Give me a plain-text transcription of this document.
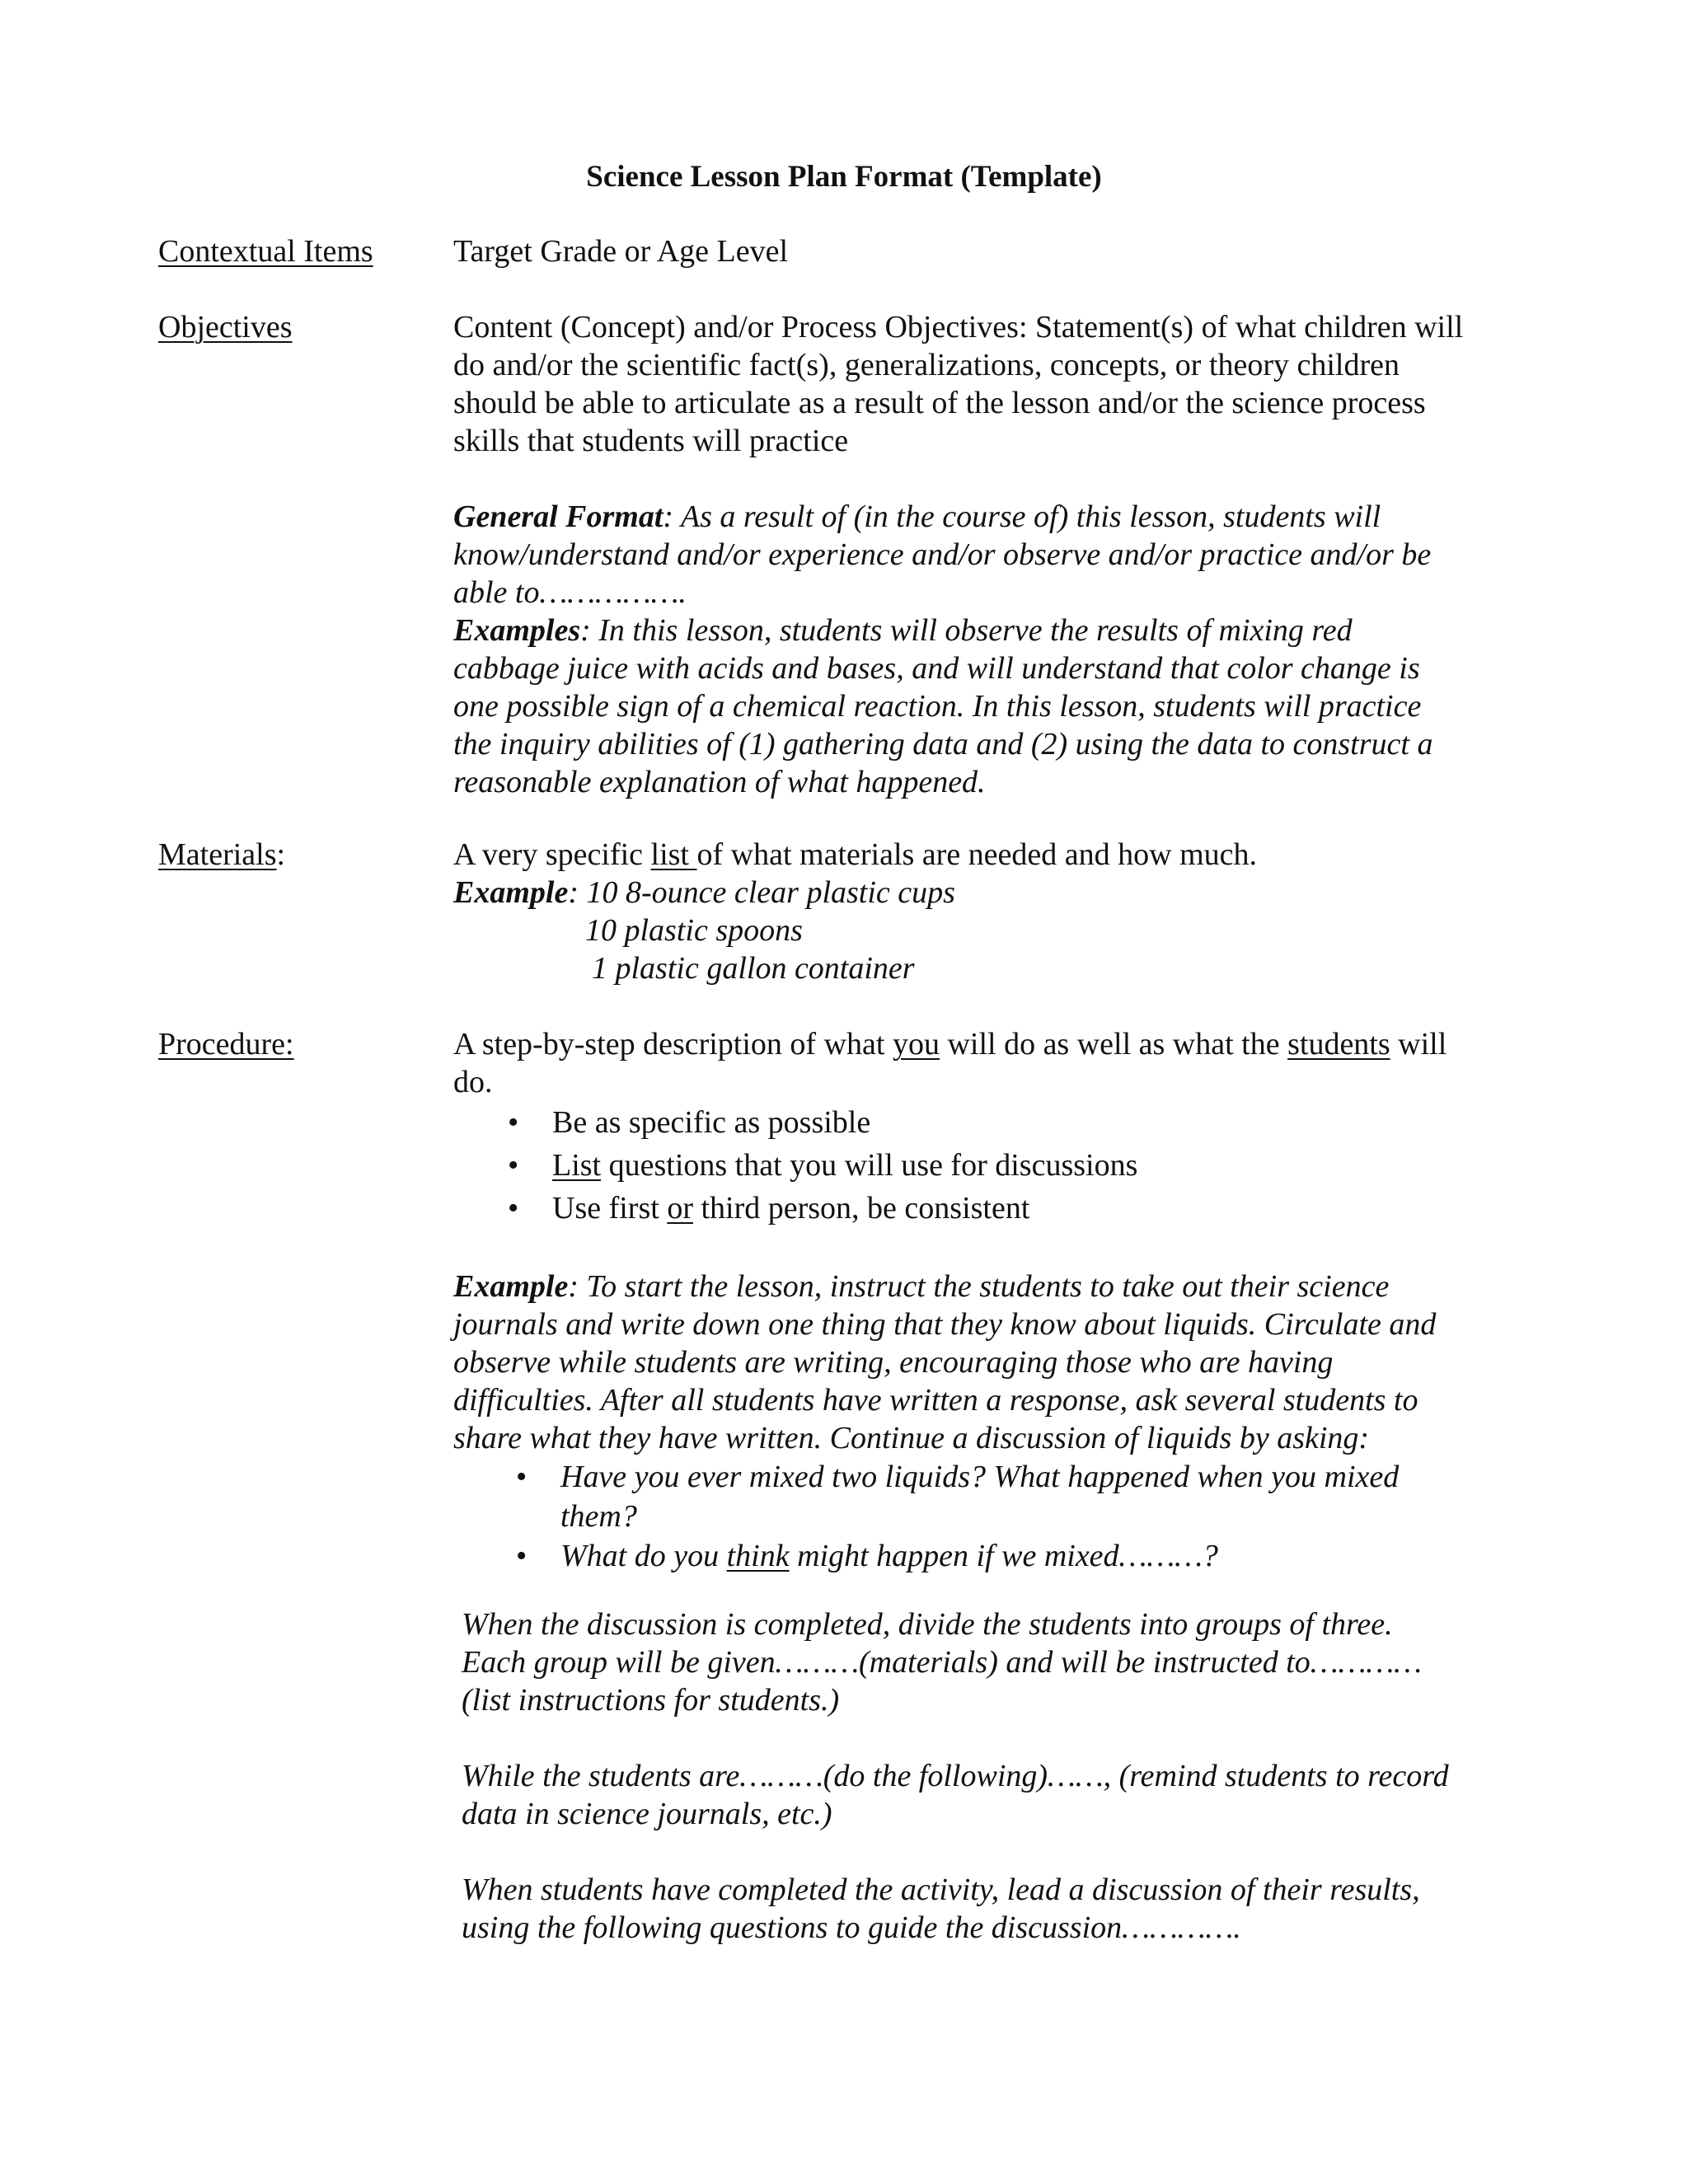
Science Lesson Plan Format (Template)
Contextual Items	Target Grade or Age Level

Objectives	Content (Concept) and/or Process Objectives: Statement(s) of what children will

do and/or the scientific fact(s), generalizations, concepts, or theory children

should be able to articulate as a result of the lesson and/or the science process

skills that students will practice

General Format: As a result of (in the course of) this lesson, students will

know/understand and/or experience and/or observe and/or practice and/or be

able to…………….

Examples: In this lesson, students will observe the results of mixing red

cabbage juice with acids and bases, and will understand that color change is

one possible sign of a chemical reaction. In this lesson, students will practice

the inquiry abilities of (1) gathering data and (2) using the data to construct a

reasonable explanation of what happened.

Materials:	A very specific list of what materials are needed and how much.

Example: 10 8-ounce clear plastic cups

10 plastic spoons

1 plastic gallon container

Procedure:	A step-by-step description of what you will do as well as what the students will

do.

• Be as specific as possible
• List questions that you will use for discussions
• Use first or third person, be consistent

Example: To start the lesson, instruct the students to take out their science

journals and write down one thing that they know about liquids. Circulate and

observe while students are writing, encouraging those who are having

difficulties. After all students have written a response, ask several students to

share what they have written. Continue a discussion of liquids by asking:

• Have you ever mixed two liquids? What happened when you mixed
them?
• What do you think might happen if we mixed………?

When the discussion is completed, divide the students into groups of three.

Each group will be given………(materials) and will be instructed to…………

(list instructions for students.)

While the students are………(do the following)……, (remind students to record

data in science journals, etc.)

When students have completed the activity, lead a discussion of their results,

using the following questions to guide the discussion………….
